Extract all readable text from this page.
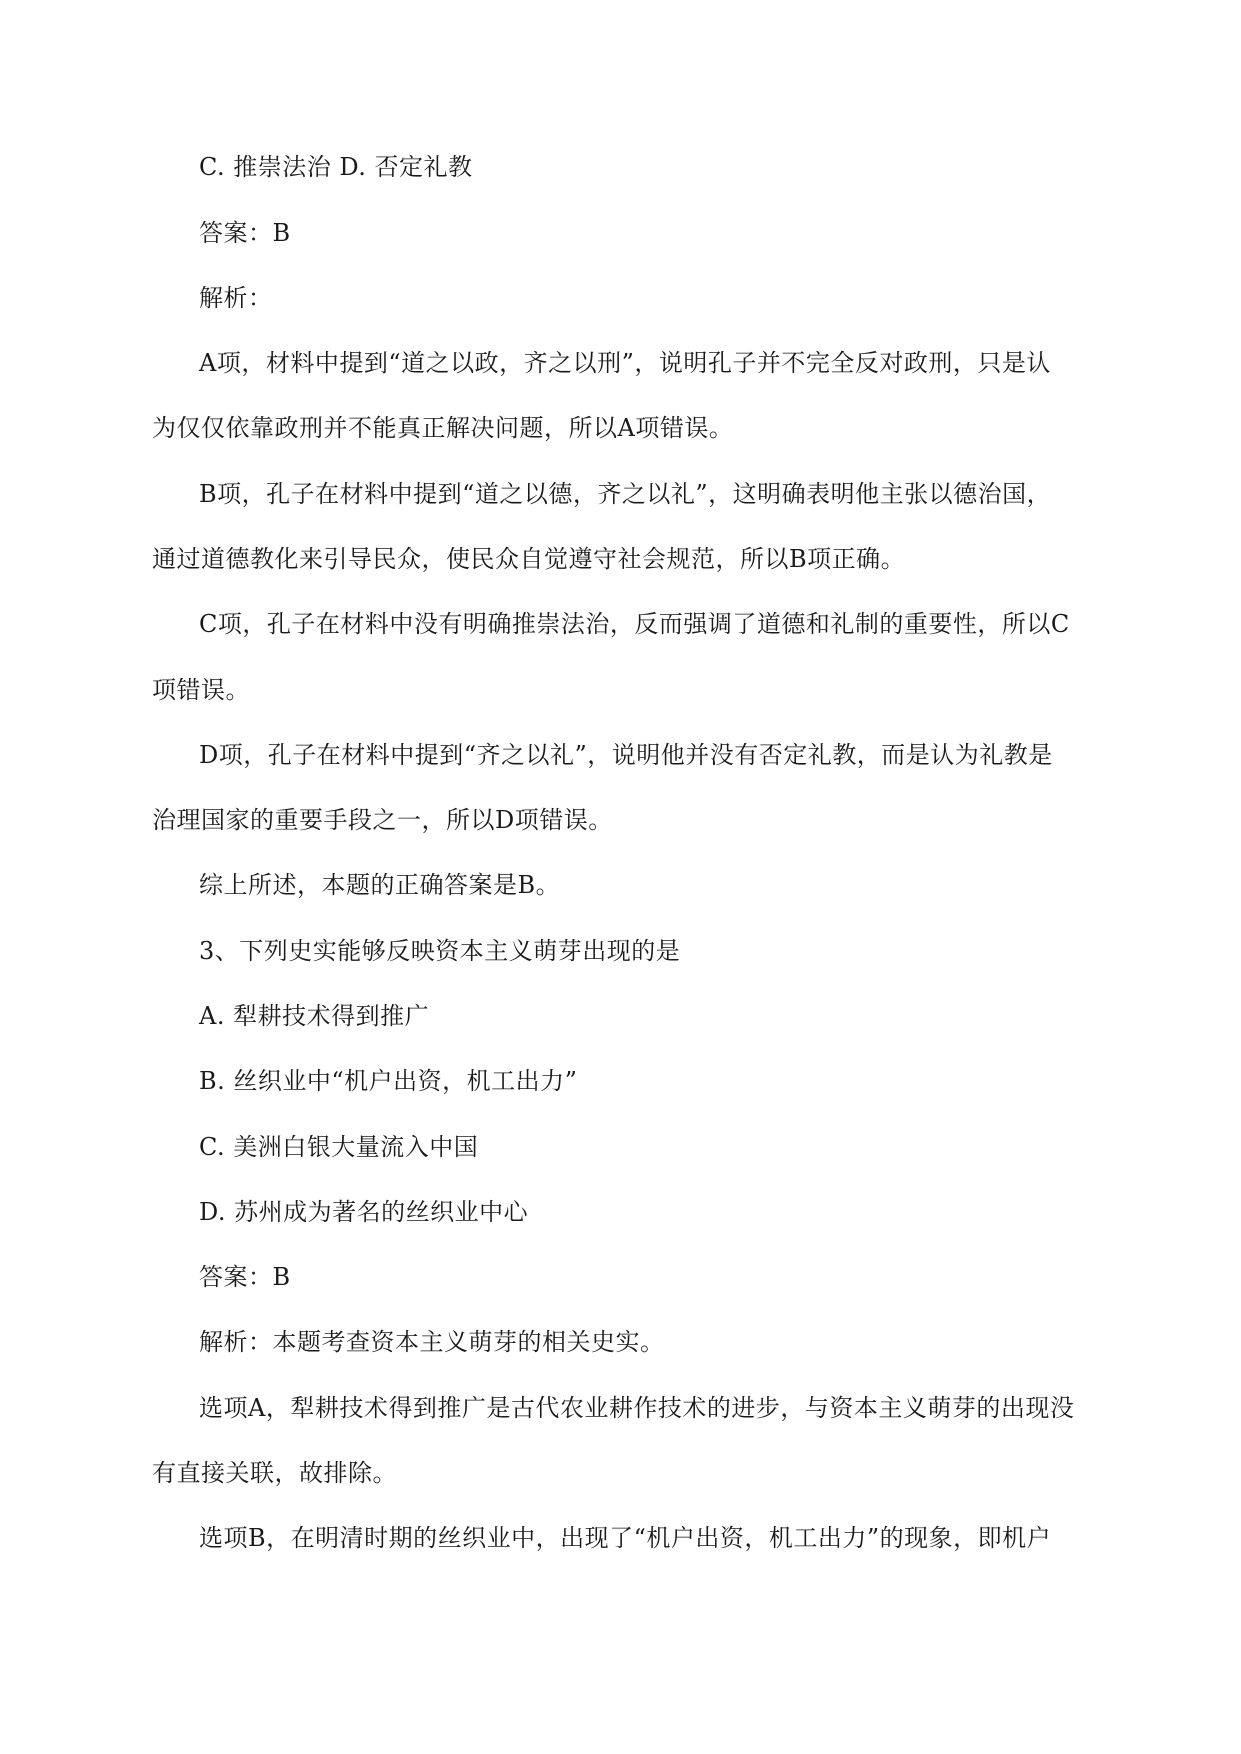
C. 推崇法治 D. 否定礼教
答案：B
解析：
A项，材料中提到“道之以政，齐之以刑”，说明孔子并不完全反对政刑，只是认
为仅仅依靠政刑并不能真正解决问题，所以A项错误。
B项，孔子在材料中提到“道之以德，齐之以礼”，这明确表明他主张以德治国，
通过道德教化来引导民众，使民众自觉遵守社会规范，所以B项正确。
C项，孔子在材料中没有明确推崇法治，反而强调了道德和礼制的重要性，所以C
项错误。
D项，孔子在材料中提到“齐之以礼”，说明他并没有否定礼教，而是认为礼教是
治理国家的重要手段之一，所以D项错误。
综上所述，本题的正确答案是B。
3、下列史实能够反映资本主义萌芽出现的是
A. 犁耕技术得到推广
B. 丝织业中“机户出资，机工出力”
C. 美洲白银大量流入中国
D. 苏州成为著名的丝织业中心
答案：B
解析：本题考查资本主义萌芽的相关史实。
选项A，犁耕技术得到推广是古代农业耕作技术的进步，与资本主义萌芽的出现没
有直接关联，故排除。
选项B，在明清时期的丝织业中，出现了“机户出资，机工出力”的现象，即机户
